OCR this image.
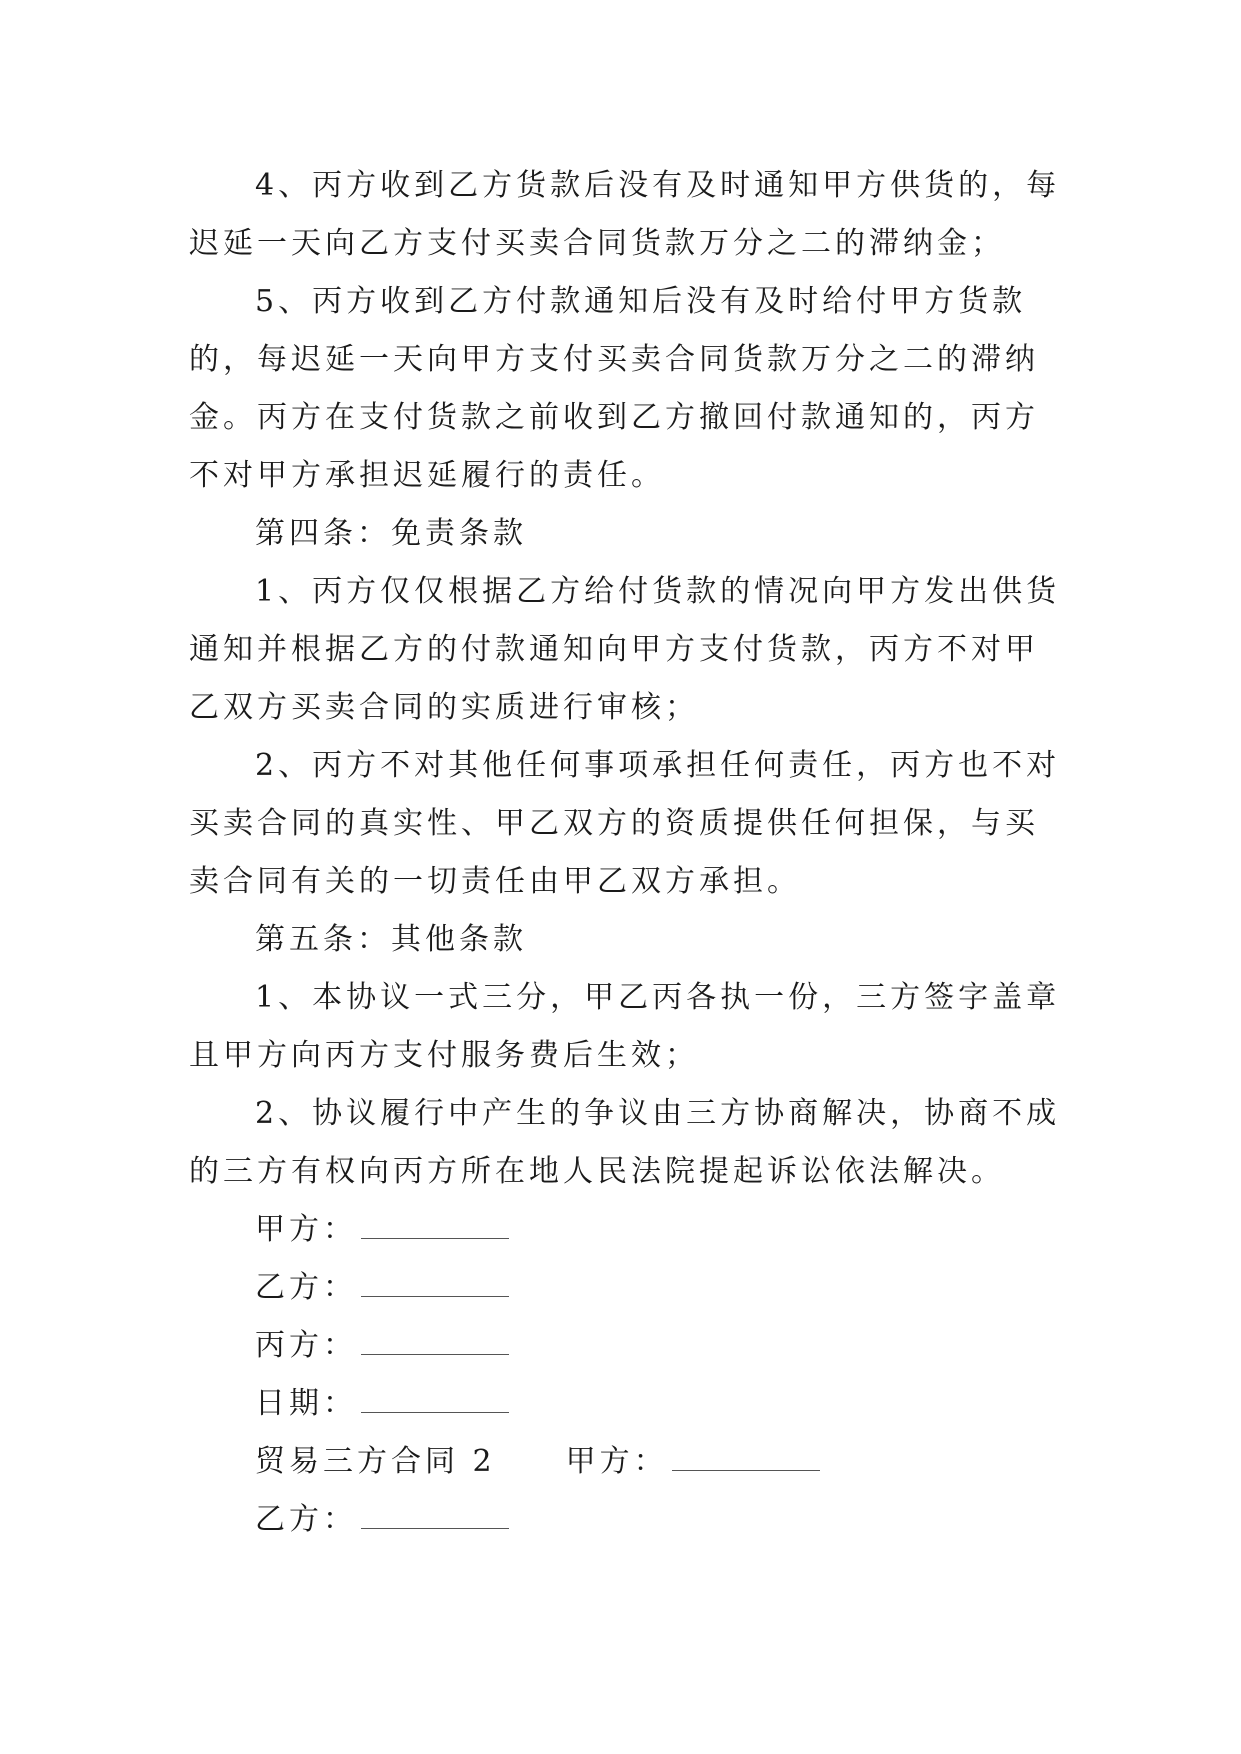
4、丙方收到乙方货款后没有及时通知甲方供货的，每迟延一天向乙方支付买卖合同货款万分之二的滞纳金；

5、丙方收到乙方付款通知后没有及时给付甲方货款的，每迟延一天向甲方支付买卖合同货款万分之二的滞纳金。丙方在支付货款之前收到乙方撤回付款通知的，丙方不对甲方承担迟延履行的责任。

第四条：免责条款

1、丙方仅仅根据乙方给付货款的情况向甲方发出供货通知并根据乙方的付款通知向甲方支付货款，丙方不对甲乙双方买卖合同的实质进行审核；

2、丙方不对其他任何事项承担任何责任，丙方也不对买卖合同的真实性、甲乙双方的资质提供任何担保，与买卖合同有关的一切责任由甲乙双方承担。

第五条：其他条款

1、本协议一式三分，甲乙丙各执一份，三方签字盖章且甲方向丙方支付服务费后生效；

2、协议履行中产生的争议由三方协商解决，协商不成的三方有权向丙方所在地人民法院提起诉讼依法解决。

甲方：

乙方：

丙方：

日期：

贸易三方合同 2 甲方：

乙方：
